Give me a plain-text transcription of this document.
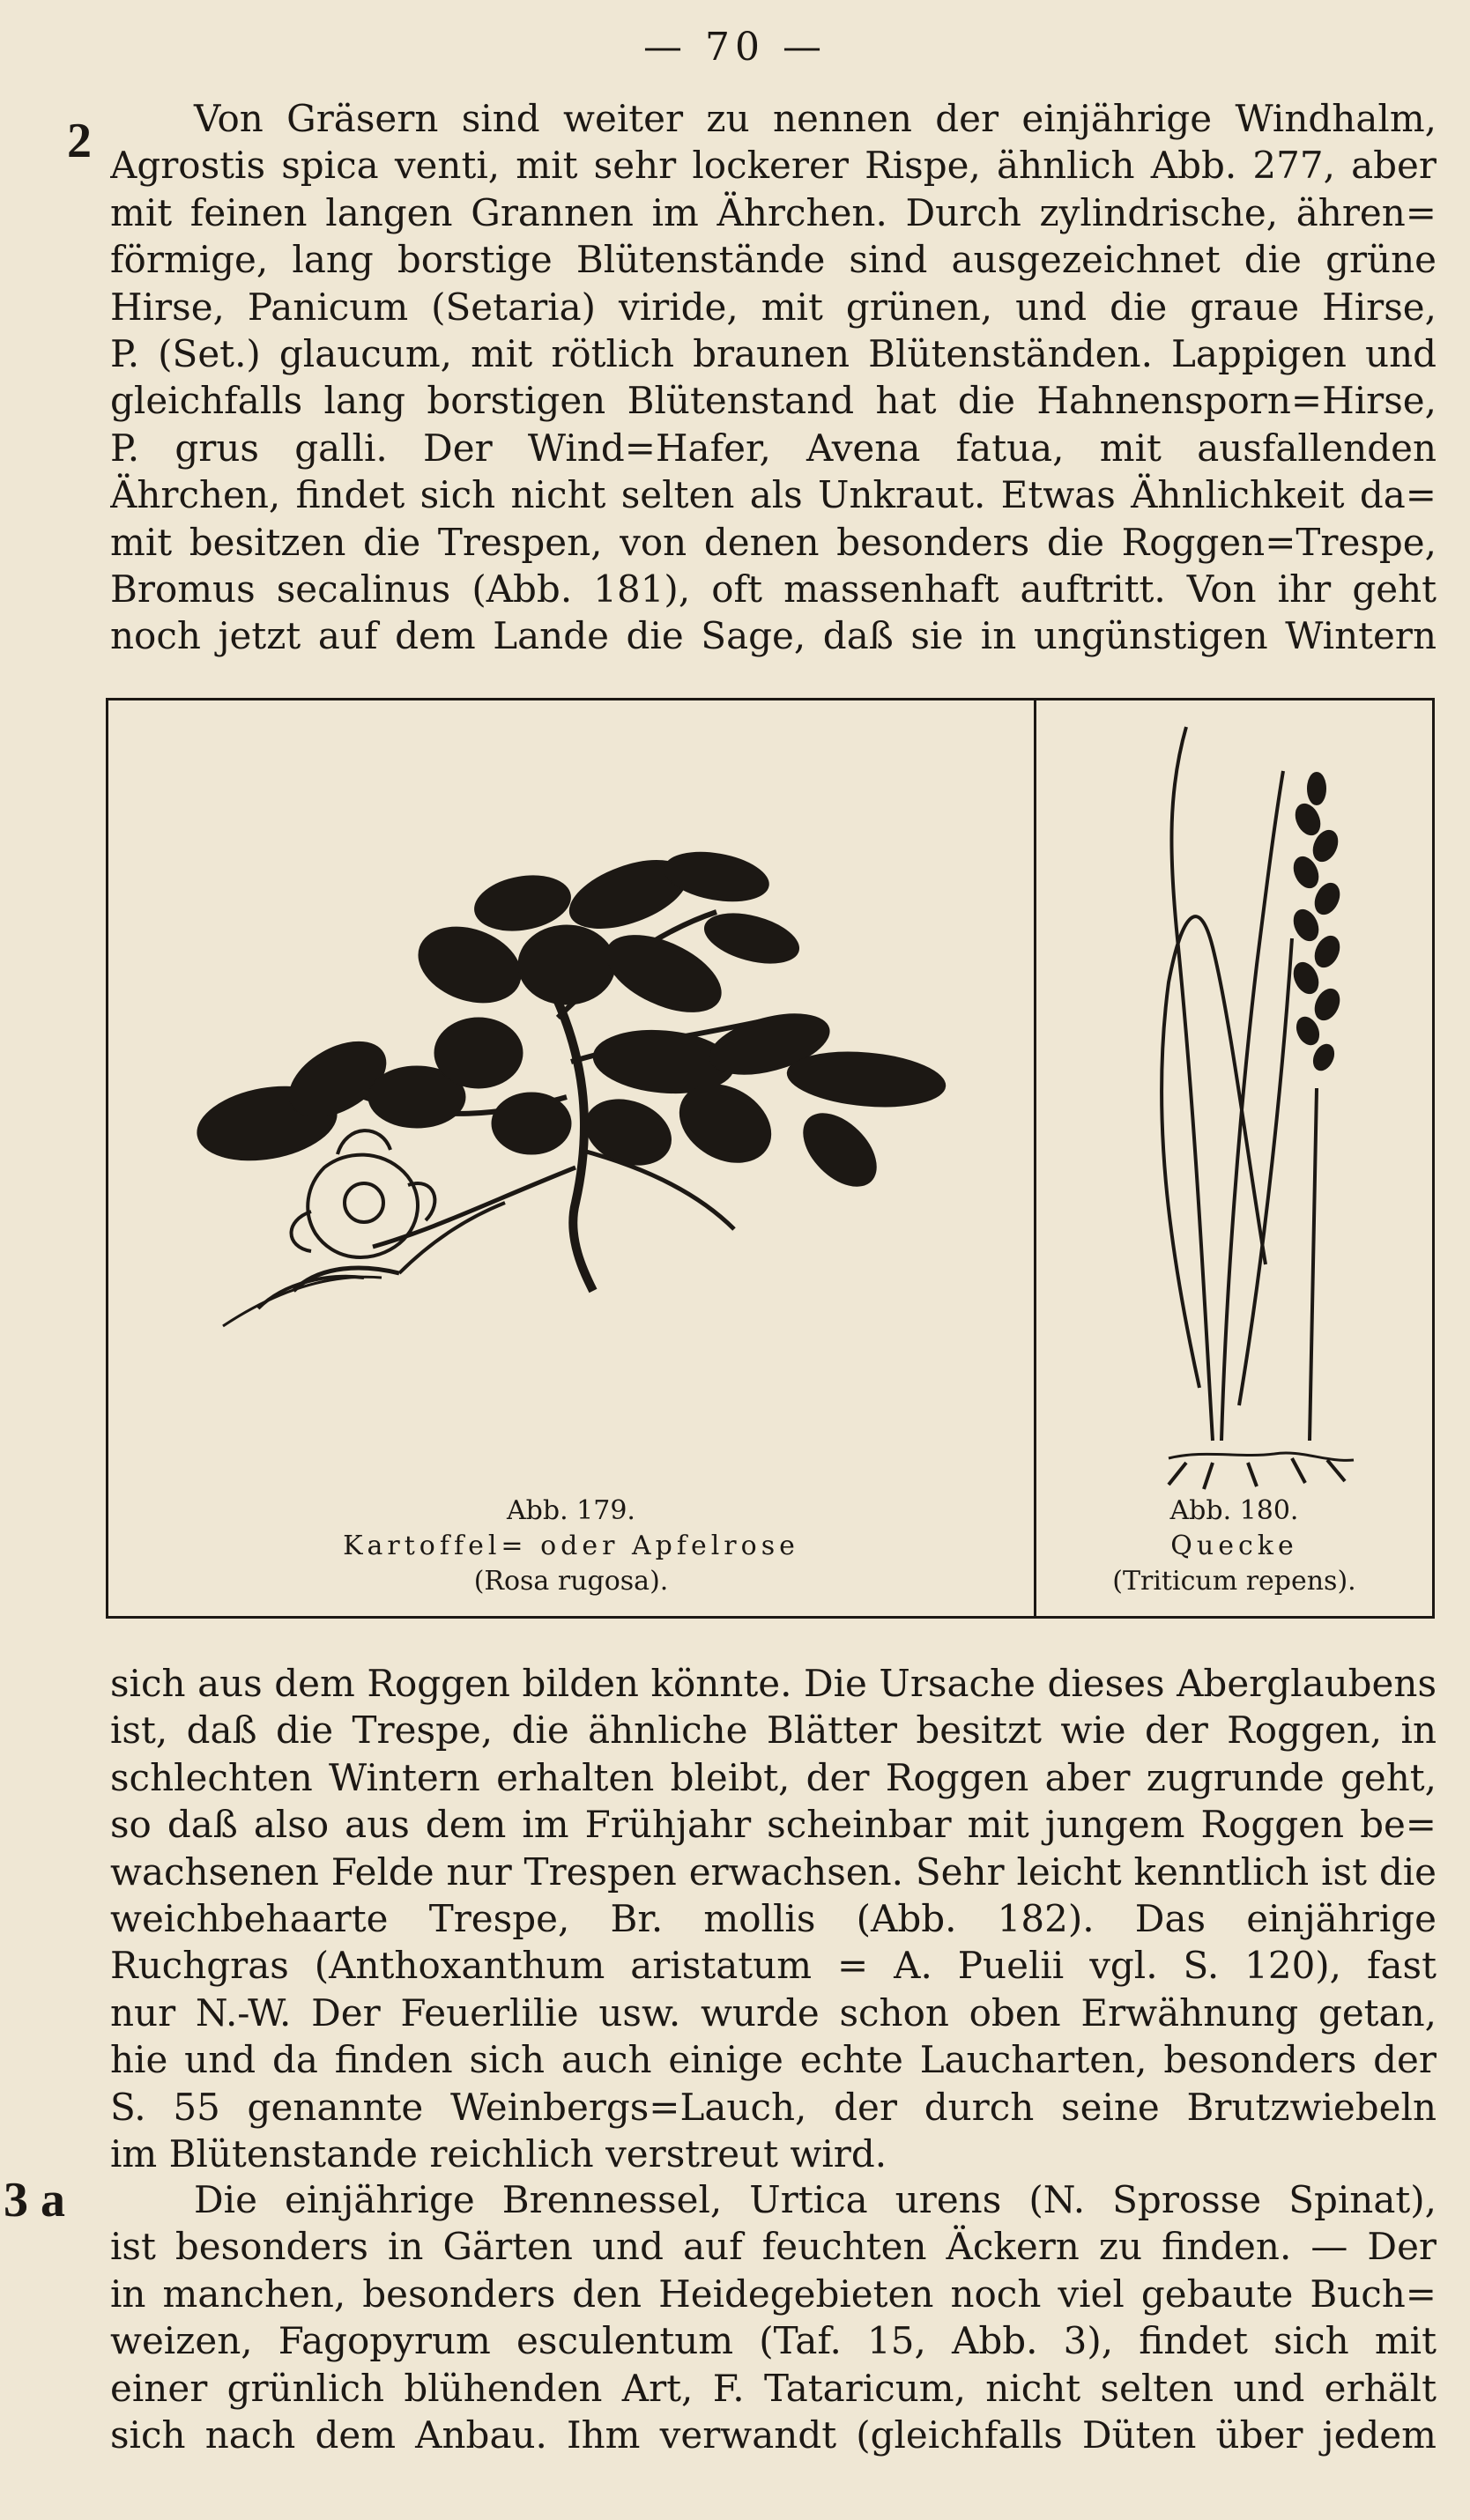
— 70 —

2	Von Gräsern sind weiter zu nennen der einjährige Windhalm,
Agrostis spica venti, mit sehr lockerer Rispe, ähnlich Abb. 277, aber
mit feinen langen Grannen im Ährchen. Durch zylindrische, ähren=
förmige, lang borstige Blütenstände sind ausgezeichnet die grüne
Hirse, Panicum (Setaria) viride, mit grünen, und die graue Hirse,
P. (Set.) glaucum, mit rötlich braunen Blütenständen. Lappigen und
gleichfalls lang borstigen Blütenstand hat die Hahnensporn=Hirse,
P. grus galli. Der Wind=Hafer, Avena fatua, mit ausfallenden
Ährchen, findet sich nicht selten als Unkraut. Etwas Ähnlichkeit da=
mit besitzen die Trespen, von denen besonders die Roggen=Trespe,
Bromus secalinus (Abb. 181), oft massenhaft auftritt. Von ihr geht
noch jetzt auf dem Lande die Sage, daß sie in ungünstigen Wintern

Abb. 179.

Kartoffel= oder Apfelrose

(Rosa rugosa).

Abb. 180.

Quecke

(Triticum repens).

sich aus dem Roggen bilden könnte. Die Ursache dieses Aberglaubens
ist, daß die Trespe, die ähnliche Blätter besitzt wie der Roggen, in
schlechten Wintern erhalten bleibt, der Roggen aber zugrunde geht,
so daß also aus dem im Frühjahr scheinbar mit jungem Roggen be=
wachsenen Felde nur Trespen erwachsen. Sehr leicht kenntlich ist die
weichbehaarte Trespe, Br. mollis (Abb. 182). Das einjährige
Ruchgras (Anthoxanthum aristatum = A. Puelii vgl. S. 120), fast
nur N.-W. Der Feuerlilie usw. wurde schon oben Erwähnung getan,
hie und da finden sich auch einige echte Laucharten, besonders der
S. 55 genannte Weinbergs=Lauch, der durch seine Brutzwiebeln
im Blütenstande reichlich verstreut wird.

3 a	Die einjährige Brennessel, Urtica urens (N. Sprosse Spinat),
ist besonders in Gärten und auf feuchten Äckern zu finden. — Der
in manchen, besonders den Heidegebieten noch viel gebaute Buch=
weizen, Fagopyrum esculentum (Taf. 15, Abb. 3), findet sich mit
einer grünlich blühenden Art, F. Tataricum, nicht selten und erhält
sich nach dem Anbau. Ihm verwandt (gleichfalls Düten über jedem
